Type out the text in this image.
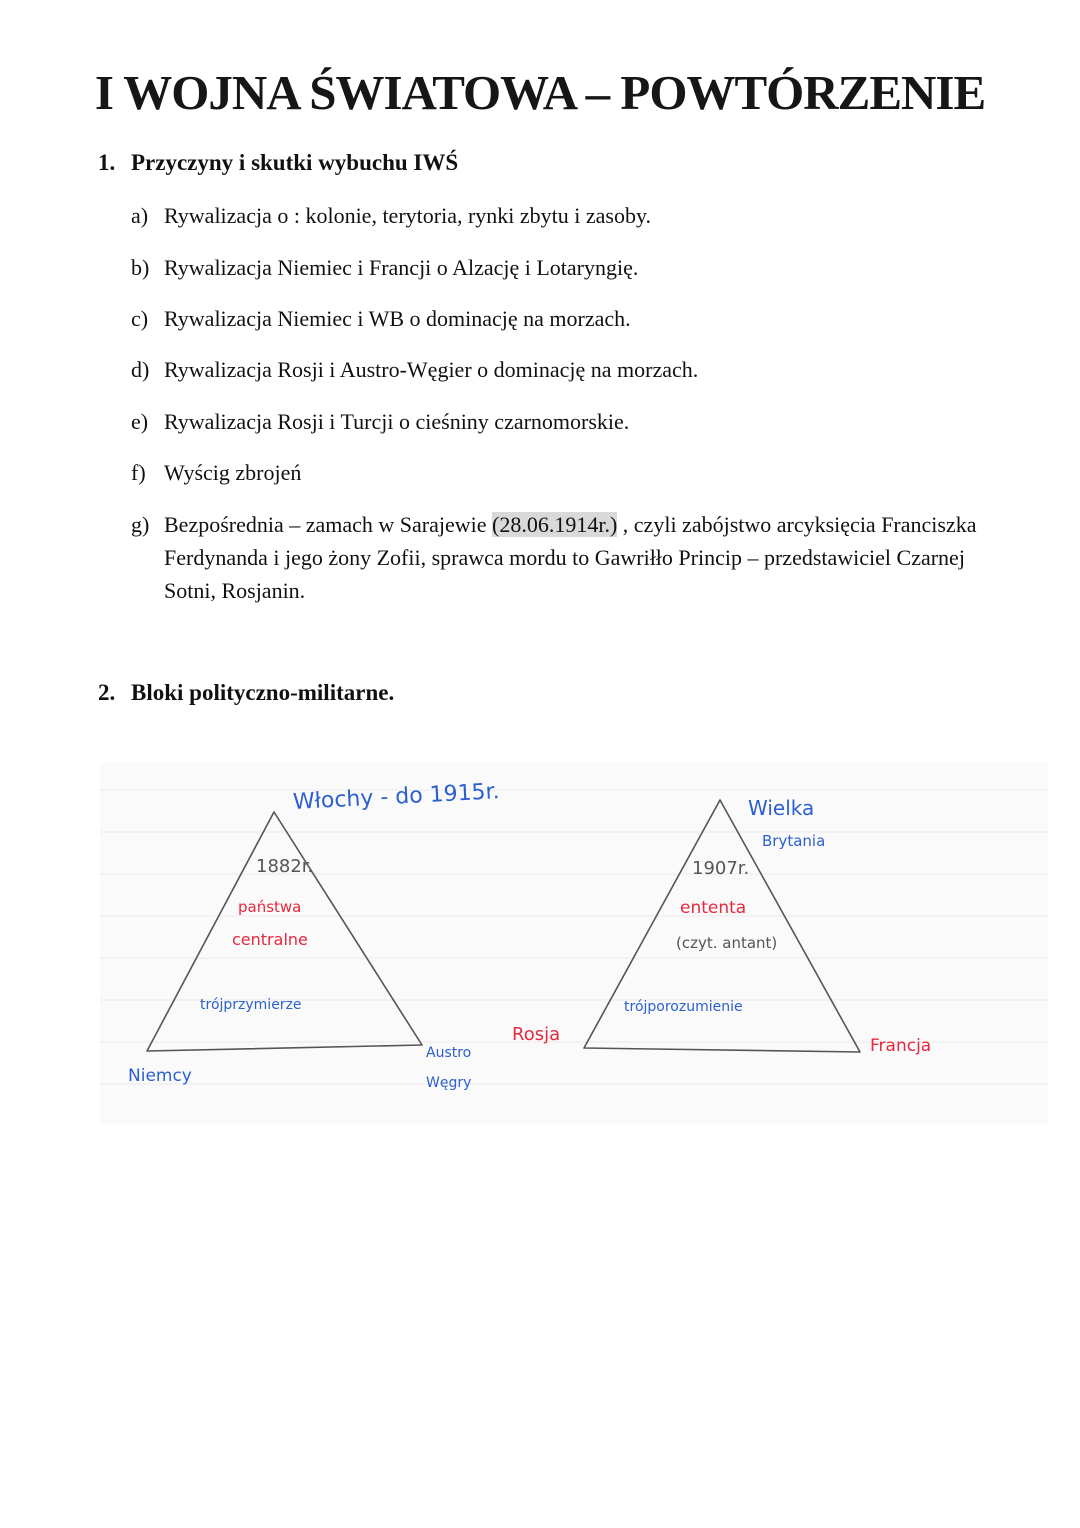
I WOJNA ŚWIATOWA – POWTÓRZENIE
1. Przyczyny i skutki wybuchu IWŚ
a) Rywalizacja o : kolonie, terytoria, rynki zbytu i zasoby.
b) Rywalizacja Niemiec i Francji o Alzację i Lotaryngię.
c) Rywalizacja Niemiec i WB o dominację na morzach.
d) Rywalizacja Rosji i Austro-Węgier o dominację na morzach.
e) Rywalizacja Rosji i Turcji o cieśniny czarnomorskie.
f) Wyścig zbrojeń
g) Bezpośrednia – zamach w Sarajewie (28.06.1914r.) , czyli zabójstwo arcyksięcia Franciszka Ferdynanda i jego żony Zofii, sprawca mordu to Gawriłło Princip – przedstawiciel Czarnej Sotni, Rosjanin.
2. Bloki polityczno-militarne.
Włochy - do 1915r.
1882r.
państwa
centralne
trójprzymierze
Niemcy
Austro
Węgry
Wielka
Brytania
1907r.
ententa
(czyt. antant)
trójporozumienie
Rosja
Francja
